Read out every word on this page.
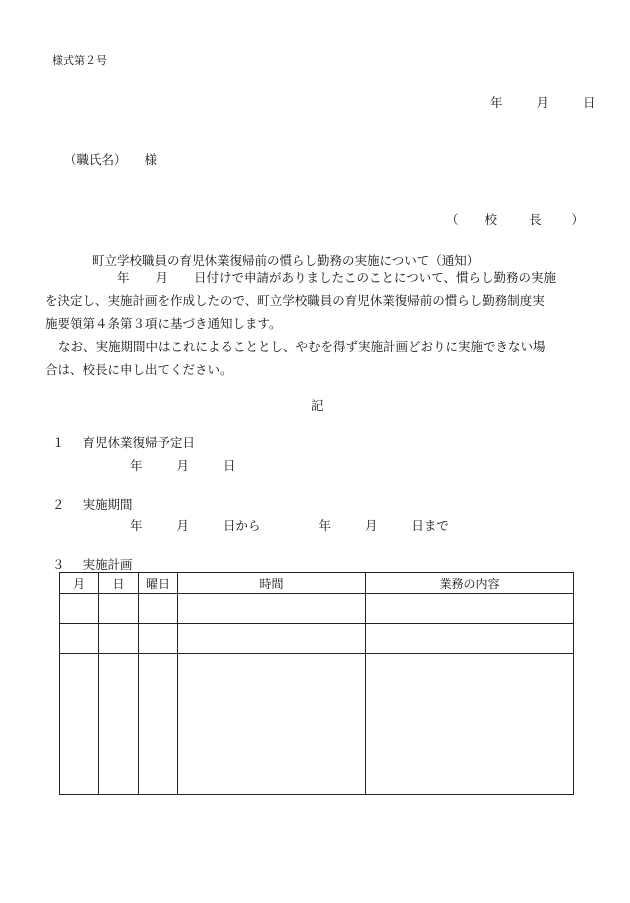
様式第２号
年	月	日
（職氏名） 様
（ 校	長 ）
町立学校職員の育児休業復帰前の慣らし勤務の実施について（通知）
年 月 日付けで申請がありましたこのことについて、慣らし勤務の実施
を決定し、実施計画を作成したので、町立学校職員の育児休業復帰前の慣らし勤務制度実
施要領第４条第３項に基づき通知します。
なお、実施期間中はこれによることとし、やむを得ず実施計画どおりに実施できない場
合は、校長に申し出てください。
記
１ 育児休業復帰予定日
年	月	日
２ 実施期間
年	月	日から	年	月	日まで
３ 実施計画
月	日	曜日	時間	業務の内容
